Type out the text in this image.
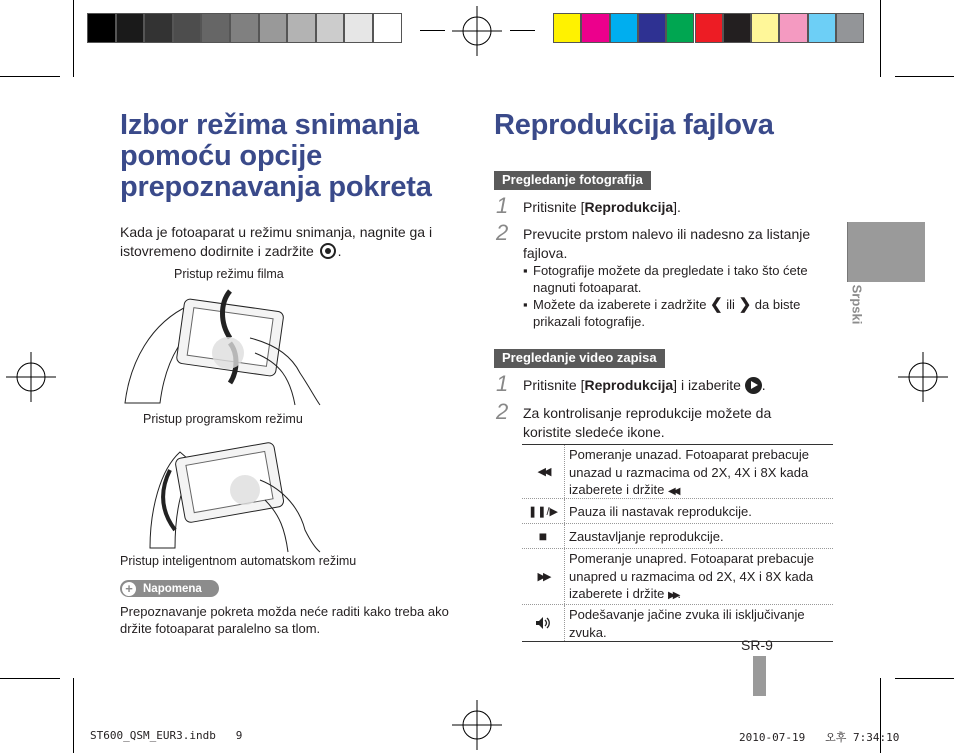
Izbor režima snimanja pomoću opcije prepoznavanja pokreta
Kada je fotoaparat u režimu snimanja, nagnite ga i istovremeno dodirnite i zadržite .
Pristup režimu filma
Pristup programskom režimu
Pristup inteligentnom automatskom režimu
+ Napomena
Prepoznavanje pokreta možda neće raditi kako treba ako držite fotoaparat paralelno sa tlom.
Reprodukcija fajlova
Pregledanje fotografija
1 Pritisnite [Reprodukcija].
2 Prevucite prstom nalevo ili nadesno za listanje fajlova.
▪ Fotografije možete da pregledate i tako što ćete nagnuti fotoaparat.
▪ Možete da izaberete i zadržite ❮ ili ❯ da biste prikazali fotografije.
Pregledanje video zapisa
1 Pritisnite [Reprodukcija] i izaberite .
2 Za kontrolisanje reprodukcije možete da koristite sledeće ikone.
◀◀
Pomeranje unazad. Fotoaparat prebacuje unazad u razmacima od 2X, 4X i 8X kada izaberete i držite ◀◀.
❚❚/▶ Pauza ili nastavak reprodukcije.
■	Zaustavljanje reprodukcije.
▶▶
Pomeranje unapred. Fotoaparat prebacuje unapred u razmacima od 2X, 4X i 8X kada izaberete i držite ▶▶.
Podešavanje jačine zvuka ili isključivanje zvuka.
SR-9
Srpski
ST600_QSM_EUR3.indb   9	2010-07-19   오후 7:34:10
